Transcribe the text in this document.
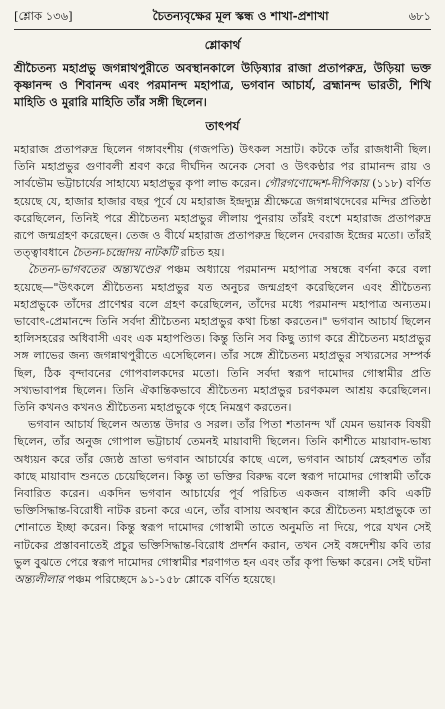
[শ্লোক ১৩৬]	চৈতন্যবৃক্ষের মূল স্কন্ধ ও শাখা-প্রশাখা	৬৮১
শ্লোকার্থ

শ্রীচৈতন্য মহাপ্রভু জগন্নাথপুরীতে অবস্থানকালে উড়িষ্যার রাজা প্রতাপরুদ্র, উড়িয়া ভক্ত কৃষ্ণানন্দ ও শিবানন্দ এবং পরমানন্দ মহাপাত্র, ভগবান আচার্য, ব্রহ্মানন্দ ভারতী, শিখি মাহিতি ও মুরারি মাহিতি তাঁর সঙ্গী ছিলেন।

তাৎপর্য

মহারাজ প্রতাপরুদ্র ছিলেন গঙ্গাবংশীয় (গজপতি) উৎকল সম্রাট। কটকে তাঁর রাজধানী ছিল। তিনি মহাপ্রভুর গুণাবলী শ্রবণ করে দীর্ঘদিন অনেক সেবা ও উৎকণ্ঠার পর রামানন্দ রায় ও সার্বভৌম ভট্টাচার্যের সাহায্যে মহাপ্রভুর কৃপা লাভ করেন। গৌরগণোদ্দেশ-দীপিকায় (১১৮) বর্ণিত হয়েছে যে, হাজার হাজার বছর পূর্বে যে মহারাজ ইন্দ্রদ্যুম্ন শ্রীক্ষেত্রে জগন্নাথদেবের মন্দির প্রতিষ্ঠা করেছিলেন, তিনিই পরে শ্রীচৈতন্য মহাপ্রভুর লীলায় পুনরায় তাঁরই বংশে মহারাজ প্রতাপরুদ্র রূপে জন্মগ্রহণ করেছেন। তেজ ও বীর্যে মহারাজ প্রতাপরুদ্র ছিলেন দেবরাজ ইন্দ্রের মতো। তাঁরই তত্ত্বাবধানে চৈতন্য-চন্দ্রোদয় নাটকটি রচিত হয়।

চৈতন্য-ভাগবতের অন্ত্যখণ্ডের পঞ্চম অধ্যায়ে পরমানন্দ মহাপাত্র সম্বন্ধে বর্ণনা করে বলা হয়েছে—"উৎকলে শ্রীচৈতন্য মহাপ্রভুর যত অনুচর জন্মগ্রহণ করেছিলেন এবং শ্রীচৈতন্য মহাপ্রভুকে তাঁদের প্রাণেশ্বর বলে গ্রহণ করেছিলেন, তাঁদের মধ্যে পরমানন্দ মহাপাত্র অন্যতম। ভাবোৎ-প্রেমানন্দে তিনি সর্বদা শ্রীচৈতন্য মহাপ্রভুর কথা চিন্তা করতেন।" ভগবান আচার্য ছিলেন হালিসহরের অধিবাসী এবং এক মহাপণ্ডিত। কিন্তু তিনি সব কিছু ত্যাগ করে শ্রীচৈতন্য মহাপ্রভুর সঙ্গ লাভের জন্য জগন্নাথপুরীতে এসেছিলেন। তাঁর সঙ্গে শ্রীচৈতন্য মহাপ্রভুর সখ্যরসের সম্পর্ক ছিল, ঠিক বৃন্দাবনের গোপবালকদের মতো। তিনি সর্বদা স্বরূপ দামোদর গোস্বামীর প্রতি সখ্যভাবাপন্ন ছিলেন। তিনি ঐকান্তিকভাবে শ্রীচৈতন্য মহাপ্রভুর চরণকমল আশ্রয় করেছিলেন। তিনি কখনও কখনও শ্রীচৈতন্য মহাপ্রভুকে গৃহে নিমন্ত্রণ করতেন।

ভগবান আচার্য ছিলেন অত্যন্ত উদার ও সরল। তাঁর পিতা শতানন্দ খাঁ যেমন ভয়ানক বিষয়ী ছিলেন, তাঁর অনুজ গোপাল ভট্টাচার্য তেমনই মায়াবাদী ছিলেন। তিনি কাশীতে মায়াবাদ-ভাষ্য অধ্যয়ন করে তাঁর জ্যেষ্ঠ ভ্রাতা ভগবান আচার্যের কাছে এলে, ভগবান আচার্য স্নেহবশত তাঁর কাছে মায়াবাদ শুনতে চেয়েছিলেন। কিন্তু তা ভক্তির বিরুদ্ধ বলে স্বরূপ দামোদর গোস্বামী তাঁকে নিবারিত করেন। একদিন ভগবান আচার্যের পূর্ব পরিচিত একজন বাঙ্গালী কবি একটি ভক্তিসিদ্ধান্ত-বিরোধী নাটক রচনা করে এনে, তাঁর বাসায় অবস্থান করে শ্রীচৈতন্য মহাপ্রভুকে তা শোনাতে ইচ্ছা করেন। কিন্তু স্বরূপ দামোদর গোস্বামী তাতে অনুমতি না দিয়ে, পরে যখন সেই নাটকের প্রস্তাবনাতেই প্রচুর ভক্তিসিদ্ধান্ত-বিরোধ প্রদর্শন করান, তখন সেই বঙ্গদেশীয় কবি তার ভুল বুঝতে পেরে স্বরূপ দামোদর গোস্বামীর শরণাগত হন এবং তাঁর কৃপা ভিক্ষা করেন। সেই ঘটনা অন্ত্যলীলার পঞ্চম পরিচ্ছেদে ৯১-১৫৮ শ্লোকে বর্ণিত হয়েছে।
